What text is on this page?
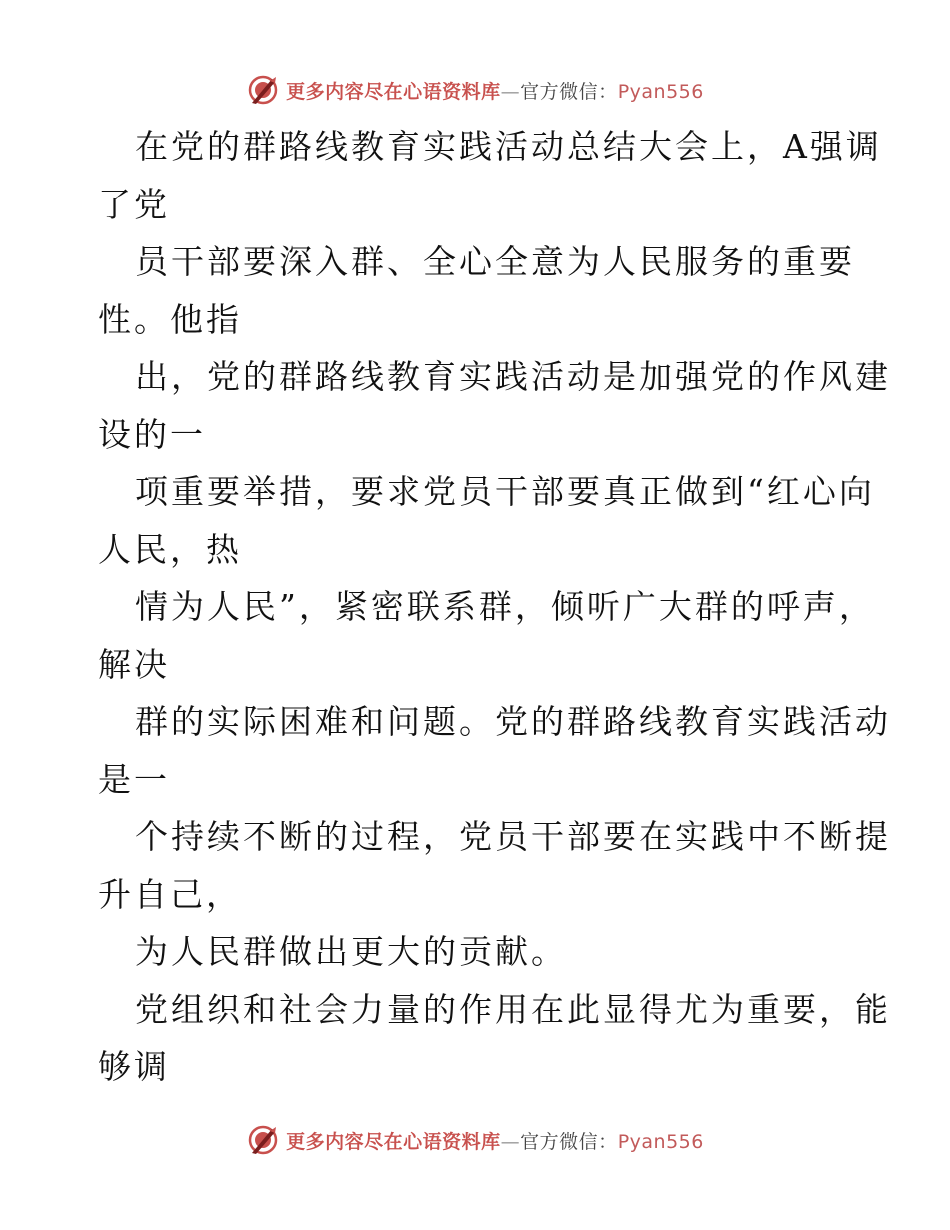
更多内容尽在心语资料库—官方微信：Pyan556
在党的群路线教育实践活动总结大会上，A强调
了党
员干部要深入群、全心全意为人民服务的重要
性。他指
出，党的群路线教育实践活动是加强党的作风建
设的一
项重要举措，要求党员干部要真正做到“红心向
人民，热
情为人民”，紧密联系群，倾听广大群的呼声，
解决
群的实际困难和问题。党的群路线教育实践活动
是一
个持续不断的过程，党员干部要在实践中不断提
升自己，
为人民群做出更大的贡献。
党组织和社会力量的作用在此显得尤为重要，能
够调
更多内容尽在心语资料库—官方微信：Pyan556
